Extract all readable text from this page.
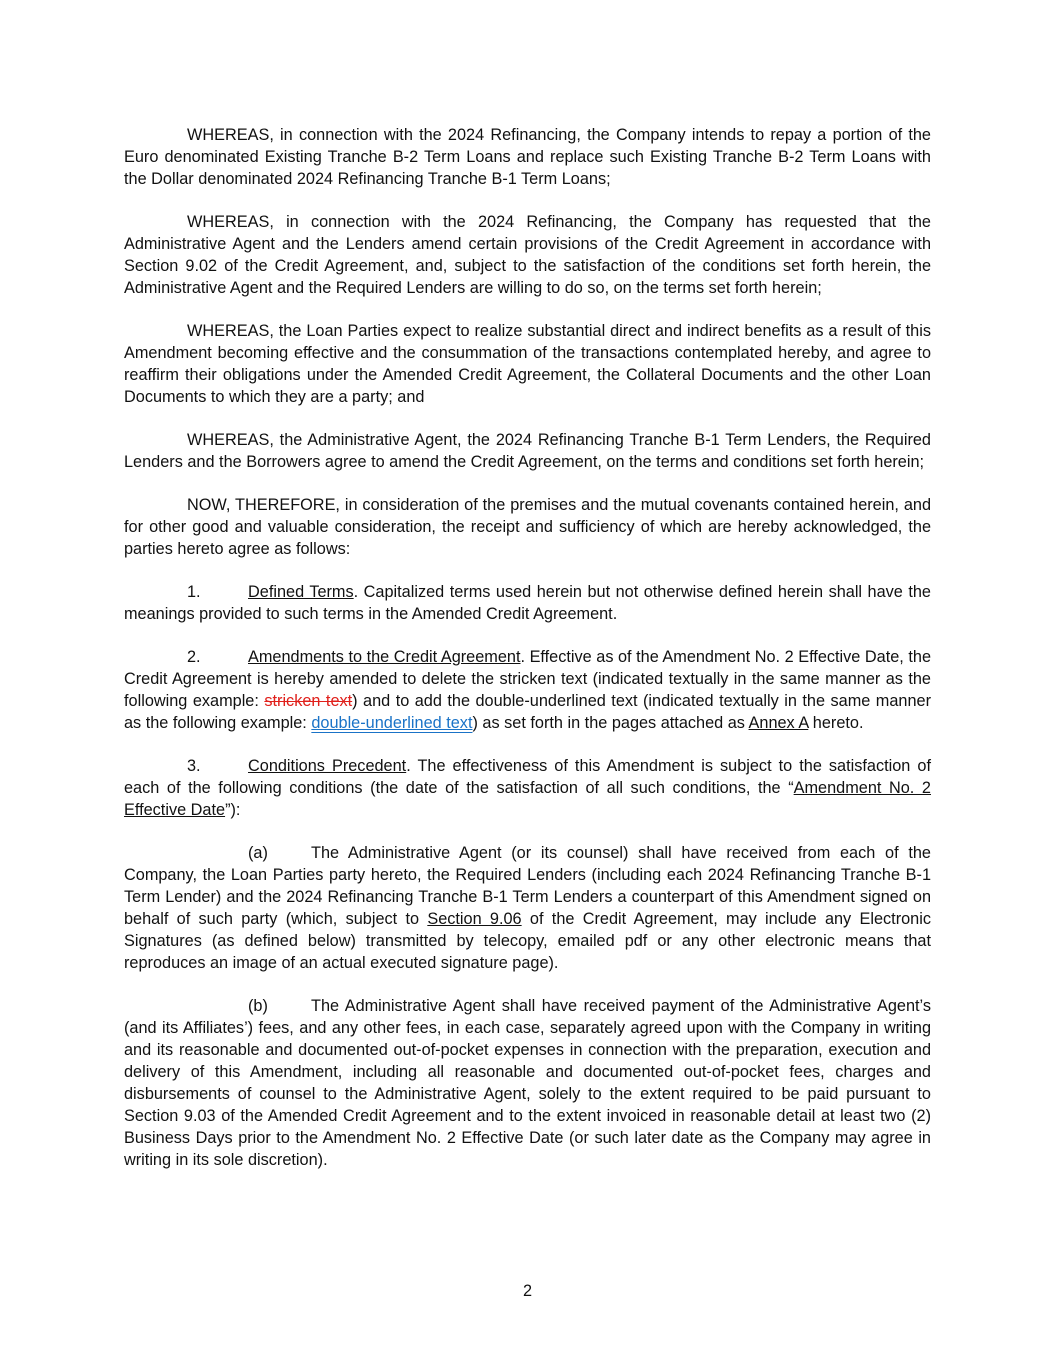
WHEREAS, in connection with the 2024 Refinancing, the Company intends to repay a portion of the Euro denominated Existing Tranche B-2 Term Loans and replace such Existing Tranche B-2 Term Loans with the Dollar denominated 2024 Refinancing Tranche B-1 Term Loans;

WHEREAS, in connection with the 2024 Refinancing, the Company has requested that the Administrative Agent and the Lenders amend certain provisions of the Credit Agreement in accordance with Section 9.02 of the Credit Agreement, and, subject to the satisfaction of the conditions set forth herein, the Administrative Agent and the Required Lenders are willing to do so, on the terms set forth herein;

WHEREAS, the Loan Parties expect to realize substantial direct and indirect benefits as a result of this Amendment becoming effective and the consummation of the transactions contemplated hereby, and agree to reaffirm their obligations under the Amended Credit Agreement, the Collateral Documents and the other Loan Documents to which they are a party; and

WHEREAS, the Administrative Agent, the 2024 Refinancing Tranche B-1 Term Lenders, the Required Lenders and the Borrowers agree to amend the Credit Agreement, on the terms and conditions set forth herein;

NOW, THEREFORE, in consideration of the premises and the mutual covenants contained herein, and for other good and valuable consideration, the receipt and sufficiency of which are hereby acknowledged, the parties hereto agree as follows:

1.	Defined Terms. Capitalized terms used herein but not otherwise defined herein shall have the meanings provided to such terms in the Amended Credit Agreement.

2.	Amendments to the Credit Agreement. Effective as of the Amendment No. 2 Effective Date, the Credit Agreement is hereby amended to delete the stricken text (indicated textually in the same manner as the following example: stricken text) and to add the double-underlined text (indicated textually in the same manner as the following example: double-underlined text) as set forth in the pages attached as Annex A hereto.

3.	Conditions Precedent. The effectiveness of this Amendment is subject to the satisfaction of each of the following conditions (the date of the satisfaction of all such conditions, the “Amendment No. 2 Effective Date”):

(a)	The Administrative Agent (or its counsel) shall have received from each of the Company, the Loan Parties party hereto, the Required Lenders (including each 2024 Refinancing Tranche B-1 Term Lender) and the 2024 Refinancing Tranche B-1 Term Lenders a counterpart of this Amendment signed on behalf of such party (which, subject to Section 9.06 of the Credit Agreement, may include any Electronic Signatures (as defined below) transmitted by telecopy, emailed pdf or any other electronic means that reproduces an image of an actual executed signature page).

(b)	The Administrative Agent shall have received payment of the Administrative Agent’s (and its Affiliates’) fees, and any other fees, in each case, separately agreed upon with the Company in writing and its reasonable and documented out-of-pocket expenses in connection with the preparation, execution and delivery of this Amendment, including all reasonable and documented out-of-pocket fees, charges and disbursements of counsel to the Administrative Agent, solely to the extent required to be paid pursuant to Section 9.03 of the Amended Credit Agreement and to the extent invoiced in reasonable detail at least two (2) Business Days prior to the Amendment No. 2 Effective Date (or such later date as the Company may agree in writing in its sole discretion).

2
